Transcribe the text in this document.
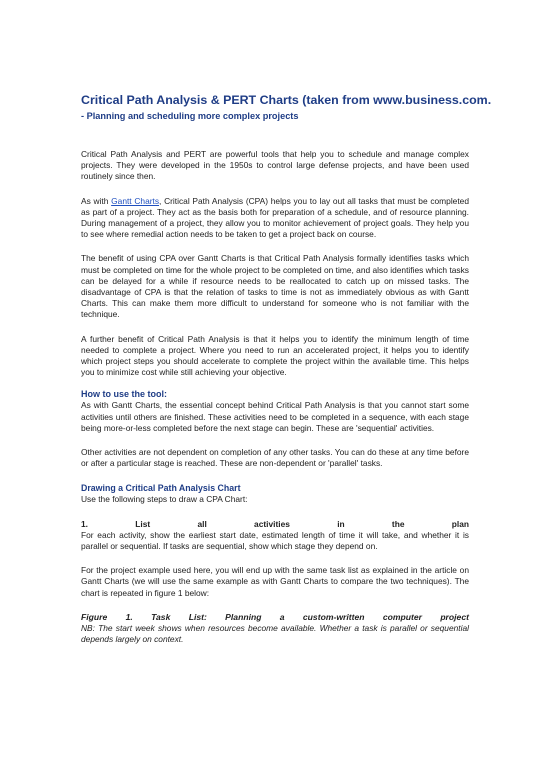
Critical Path Analysis & PERT Charts (taken from www.business.com.
- Planning and scheduling more complex projects

Critical Path Analysis and PERT are powerful tools that help you to schedule and manage complex projects. They were developed in the 1950s to control large defense projects, and have been used routinely since then.

As with Gantt Charts, Critical Path Analysis (CPA) helps you to lay out all tasks that must be completed as part of a project. They act as the basis both for preparation of a schedule, and of resource planning. During management of a project, they allow you to monitor achievement of project goals. They help you to see where remedial action needs to be taken to get a project back on course.

The benefit of using CPA over Gantt Charts is that Critical Path Analysis formally identifies tasks which must be completed on time for the whole project to be completed on time, and also identifies which tasks can be delayed for a while if resource needs to be reallocated to catch up on missed tasks. The disadvantage of CPA is that the relation of tasks to time is not as immediately obvious as with Gantt Charts. This can make them more difficult to understand for someone who is not familiar with the technique.

A further benefit of Critical Path Analysis is that it helps you to identify the minimum length of time needed to complete a project. Where you need to run an accelerated project, it helps you to identify which project steps you should accelerate to complete the project within the available time. This helps you to minimize cost while still achieving your objective.

How to use the tool:

As with Gantt Charts, the essential concept behind Critical Path Analysis is that you cannot start some activities until others are finished. These activities need to be completed in a sequence, with each stage being more-or-less completed before the next stage can begin. These are 'sequential' activities.

Other activities are not dependent on completion of any other tasks. You can do these at any time before or after a particular stage is reached. These are non-dependent or 'parallel' tasks.

Drawing a Critical Path Analysis Chart

Use the following steps to draw a CPA Chart:

1.	List	all	activities	in	the	plan

For each activity, show the earliest start date, estimated length of time it will take, and whether it is parallel or sequential. If tasks are sequential, show which stage they depend on.

For the project example used here, you will end up with the same task list as explained in the article on Gantt Charts (we will use the same example as with Gantt Charts to compare the two techniques). The chart is repeated in figure 1 below:

Figure 1. Task List: Planning a custom-written computer project

NB: The start week shows when resources become available. Whether a task is parallel or sequential depends largely on context.
